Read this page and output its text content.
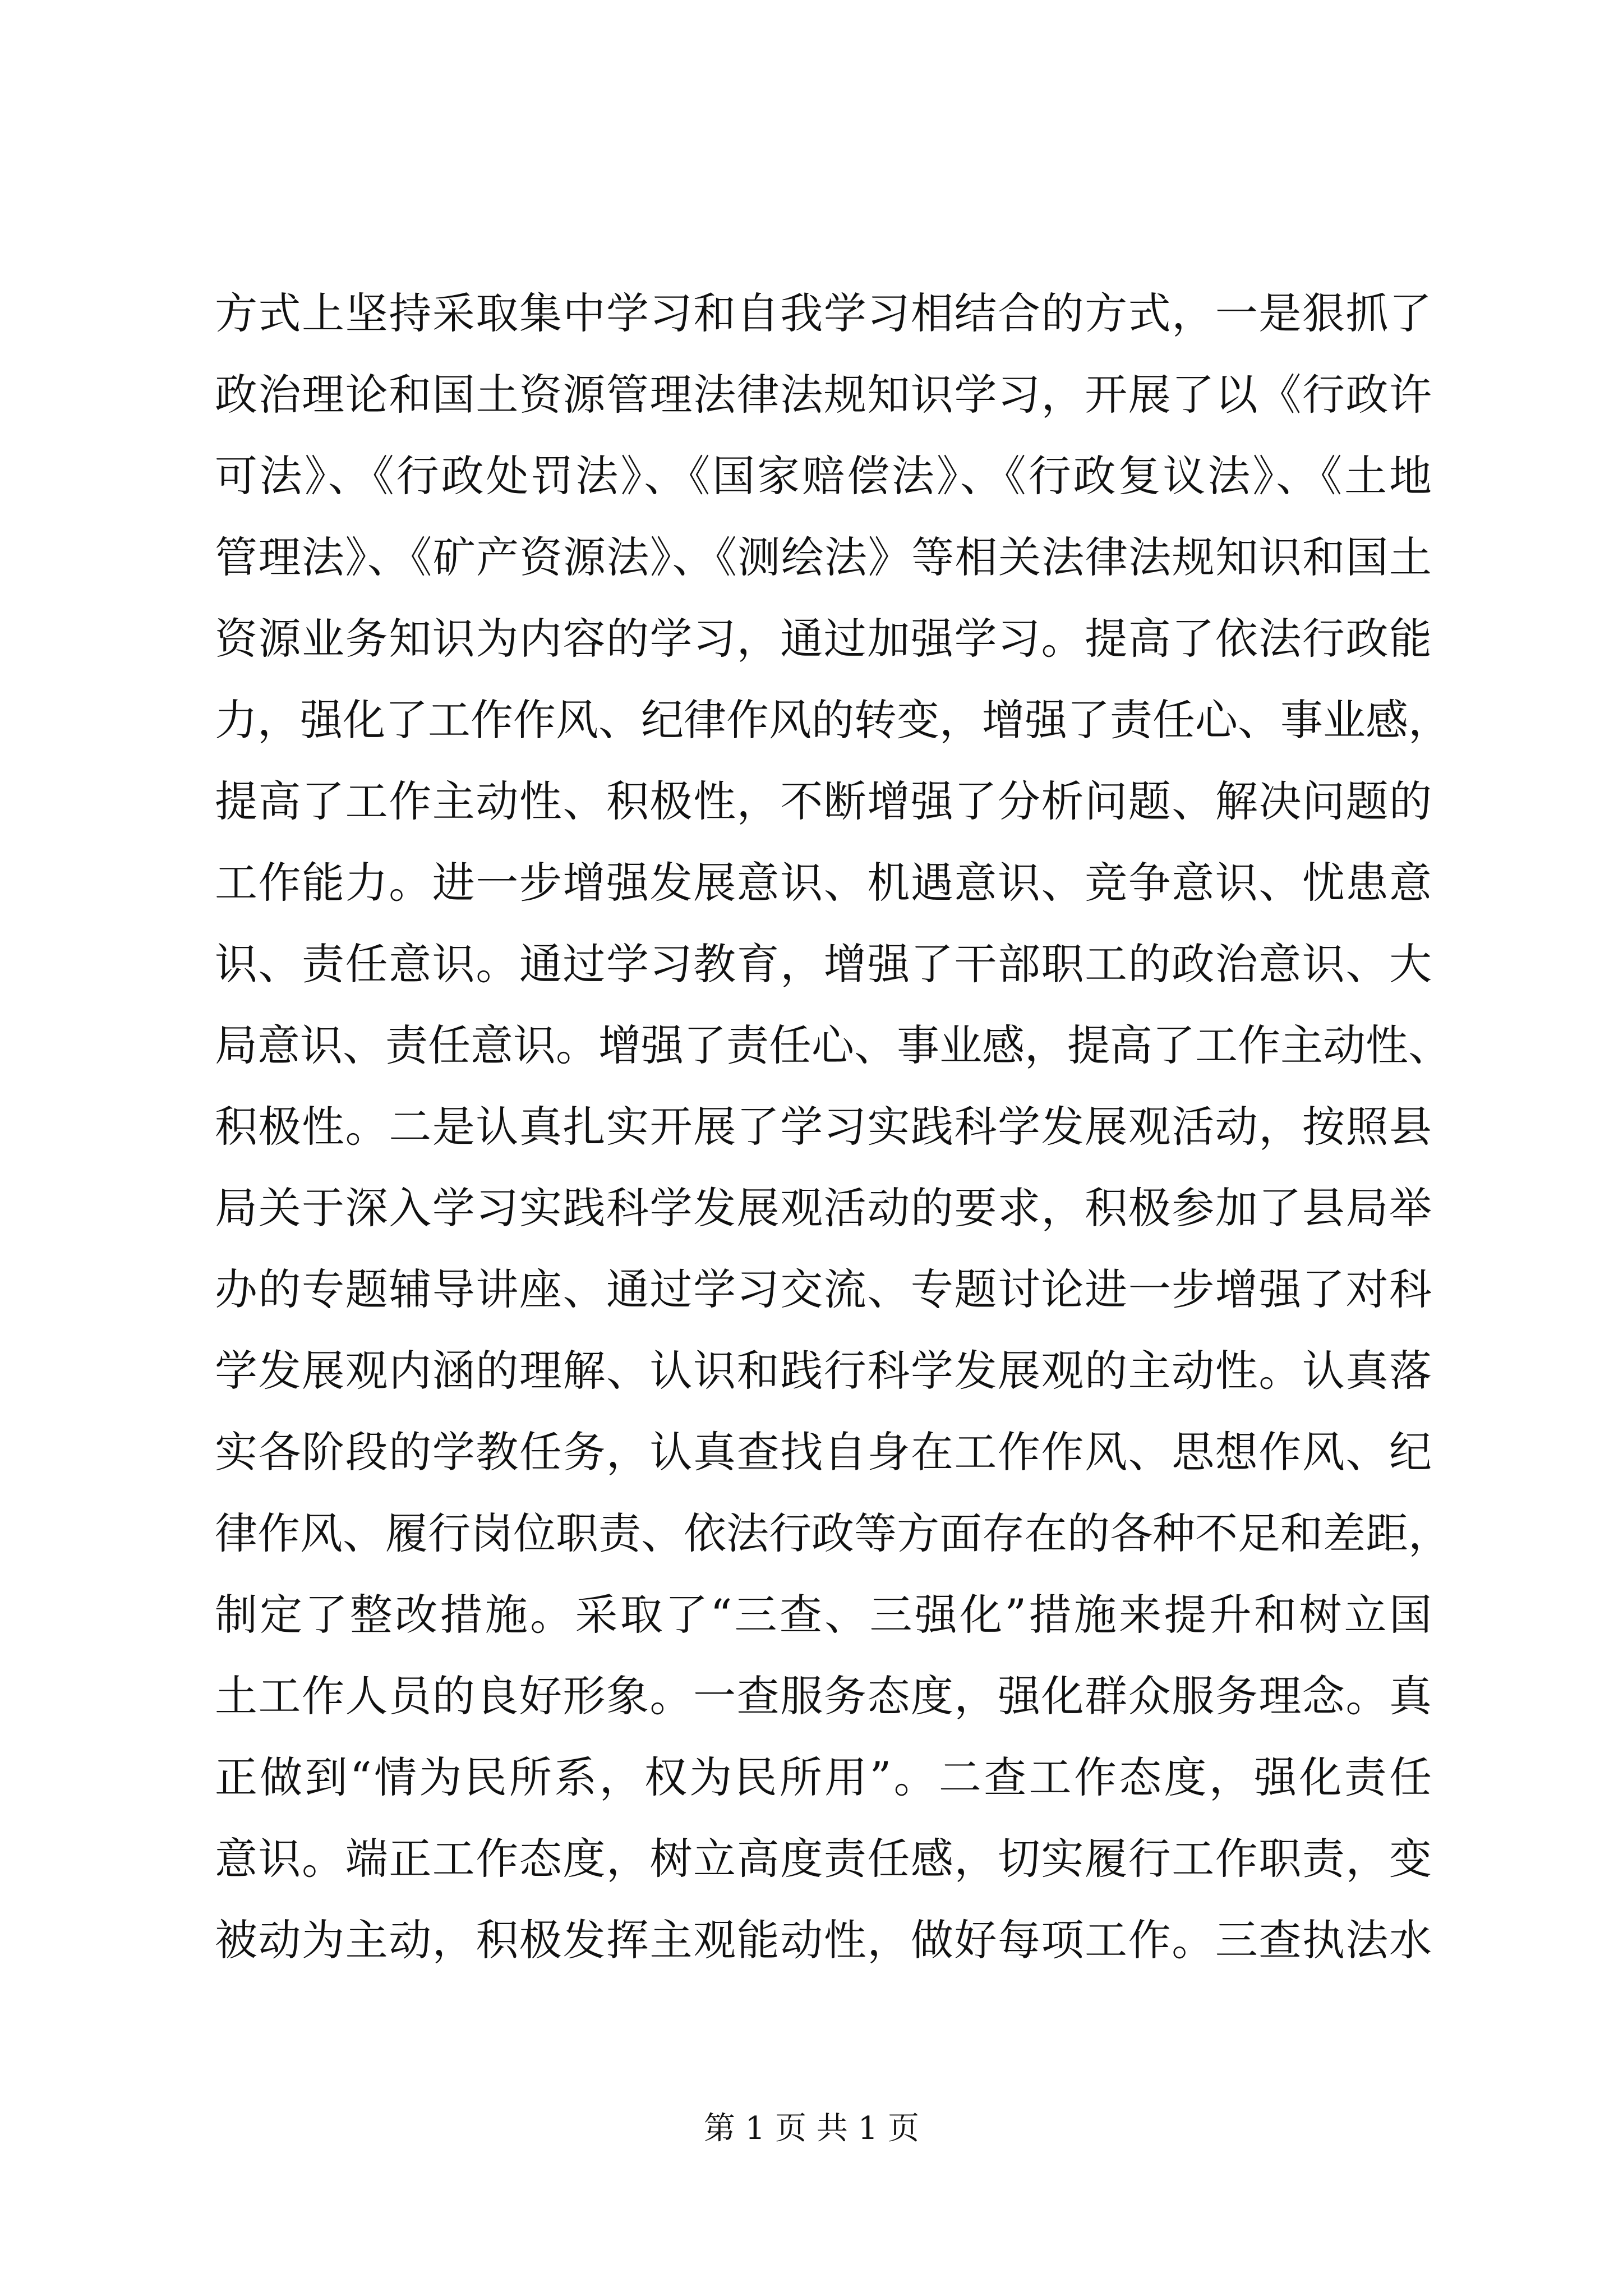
方式上坚持采取集中学习和自我学习相结合的方式，一是狠抓了
政治理论和国土资源管理法律法规知识学习，开展了以《行政许
可法》、《行政处罚法》、《国家赔偿法》、《行政复议法》、《土地
管理法》、《矿产资源法》、《测绘法》等相关法律法规知识和国土
资源业务知识为内容的学习，通过加强学习。提高了依法行政能
力，强化了工作作风、纪律作风的转变，增强了责任心、事业感，
提高了工作主动性、积极性，不断增强了分析问题、解决问题的
工作能力。进一步增强发展意识、机遇意识、竞争意识、忧患意
识、责任意识。通过学习教育，增强了干部职工的政治意识、大
局意识、责任意识。增强了责任心、事业感，提高了工作主动性、
积极性。二是认真扎实开展了学习实践科学发展观活动，按照县
局关于深入学习实践科学发展观活动的要求，积极参加了县局举
办的专题辅导讲座、通过学习交流、专题讨论进一步增强了对科
学发展观内涵的理解、认识和践行科学发展观的主动性。认真落
实各阶段的学教任务，认真查找自身在工作作风、思想作风、纪
律作风、履行岗位职责、依法行政等方面存在的各种不足和差距，
制定了整改措施。采取了“三查、三强化”措施来提升和树立国
土工作人员的良好形象。一查服务态度，强化群众服务理念。真
正做到“情为民所系，权为民所用”。二查工作态度，强化责任
意识。端正工作态度，树立高度责任感，切实履行工作职责，变
被动为主动，积极发挥主观能动性，做好每项工作。三查执法水
第 1 页 共 1 页
